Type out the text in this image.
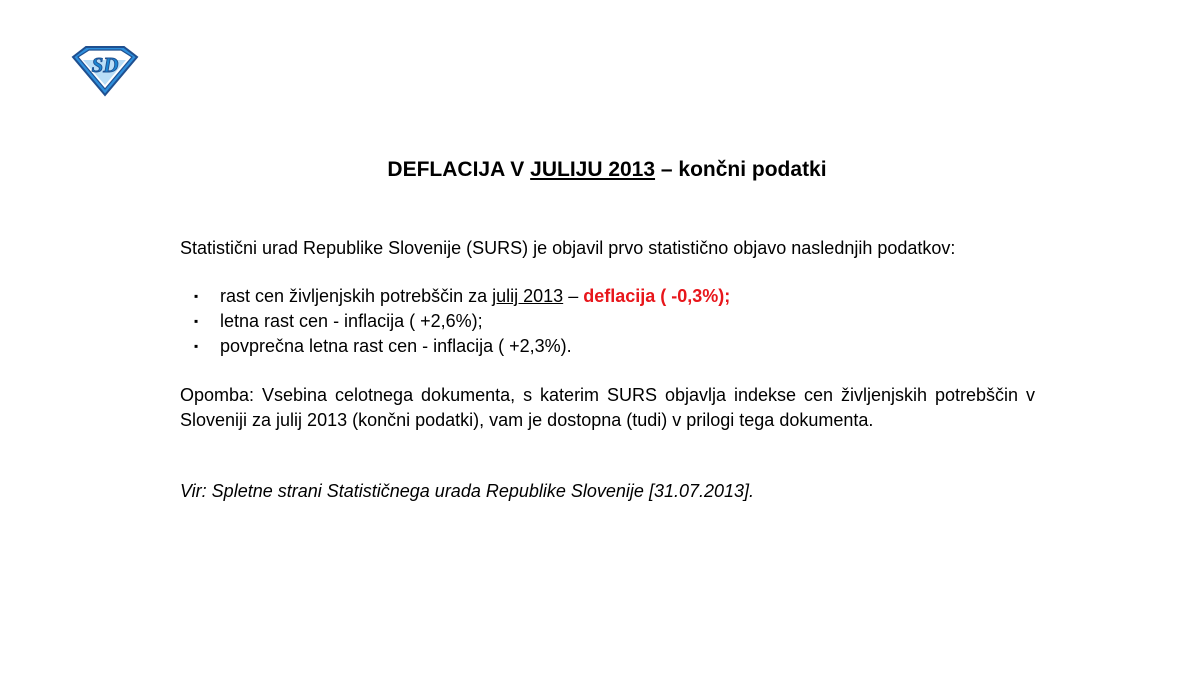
SD
DEFLACIJA V JULIJU 2013 – končni podatki

Statistični urad Republike Slovenije (SURS) je objavil prvo statistično objavo naslednjih podatkov:

▪ rast cen življenjskih potrebščin za julij 2013 – deflacija ( -0,3%);
▪ letna rast cen - inflacija ( +2,6%);
▪ povprečna letna rast cen - inflacija ( +2,3%).

Opomba: Vsebina celotnega dokumenta, s katerim SURS objavlja indekse cen življenjskih potrebščin v Sloveniji za julij 2013 (končni podatki), vam je dostopna (tudi) v prilogi tega dokumenta.

Vir: Spletne strani Statističnega urada Republike Slovenije [31.07.2013].
